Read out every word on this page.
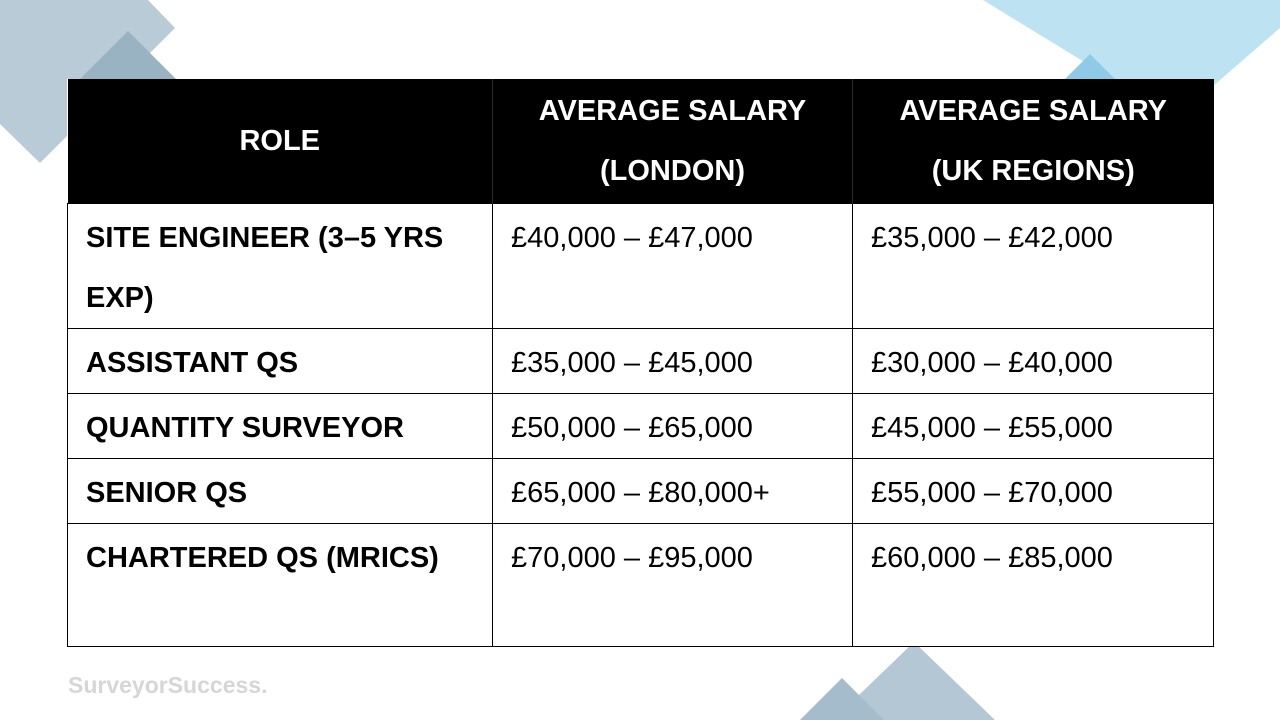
ROLE	AVERAGE SALARY (LONDON)	AVERAGE SALARY (UK REGIONS)
SITE ENGINEER (3–5 YRS EXP)	£40,000 – £47,000	£35,000 – £42,000
ASSISTANT QS	£35,000 – £45,000	£30,000 – £40,000
QUANTITY SURVEYOR	£50,000 – £65,000	£45,000 – £55,000
SENIOR QS	£65,000 – £80,000+	£55,000 – £70,000
CHARTERED QS (MRICS)	£70,000 – £95,000	£60,000 – £85,000
SurveyorSuccess.
